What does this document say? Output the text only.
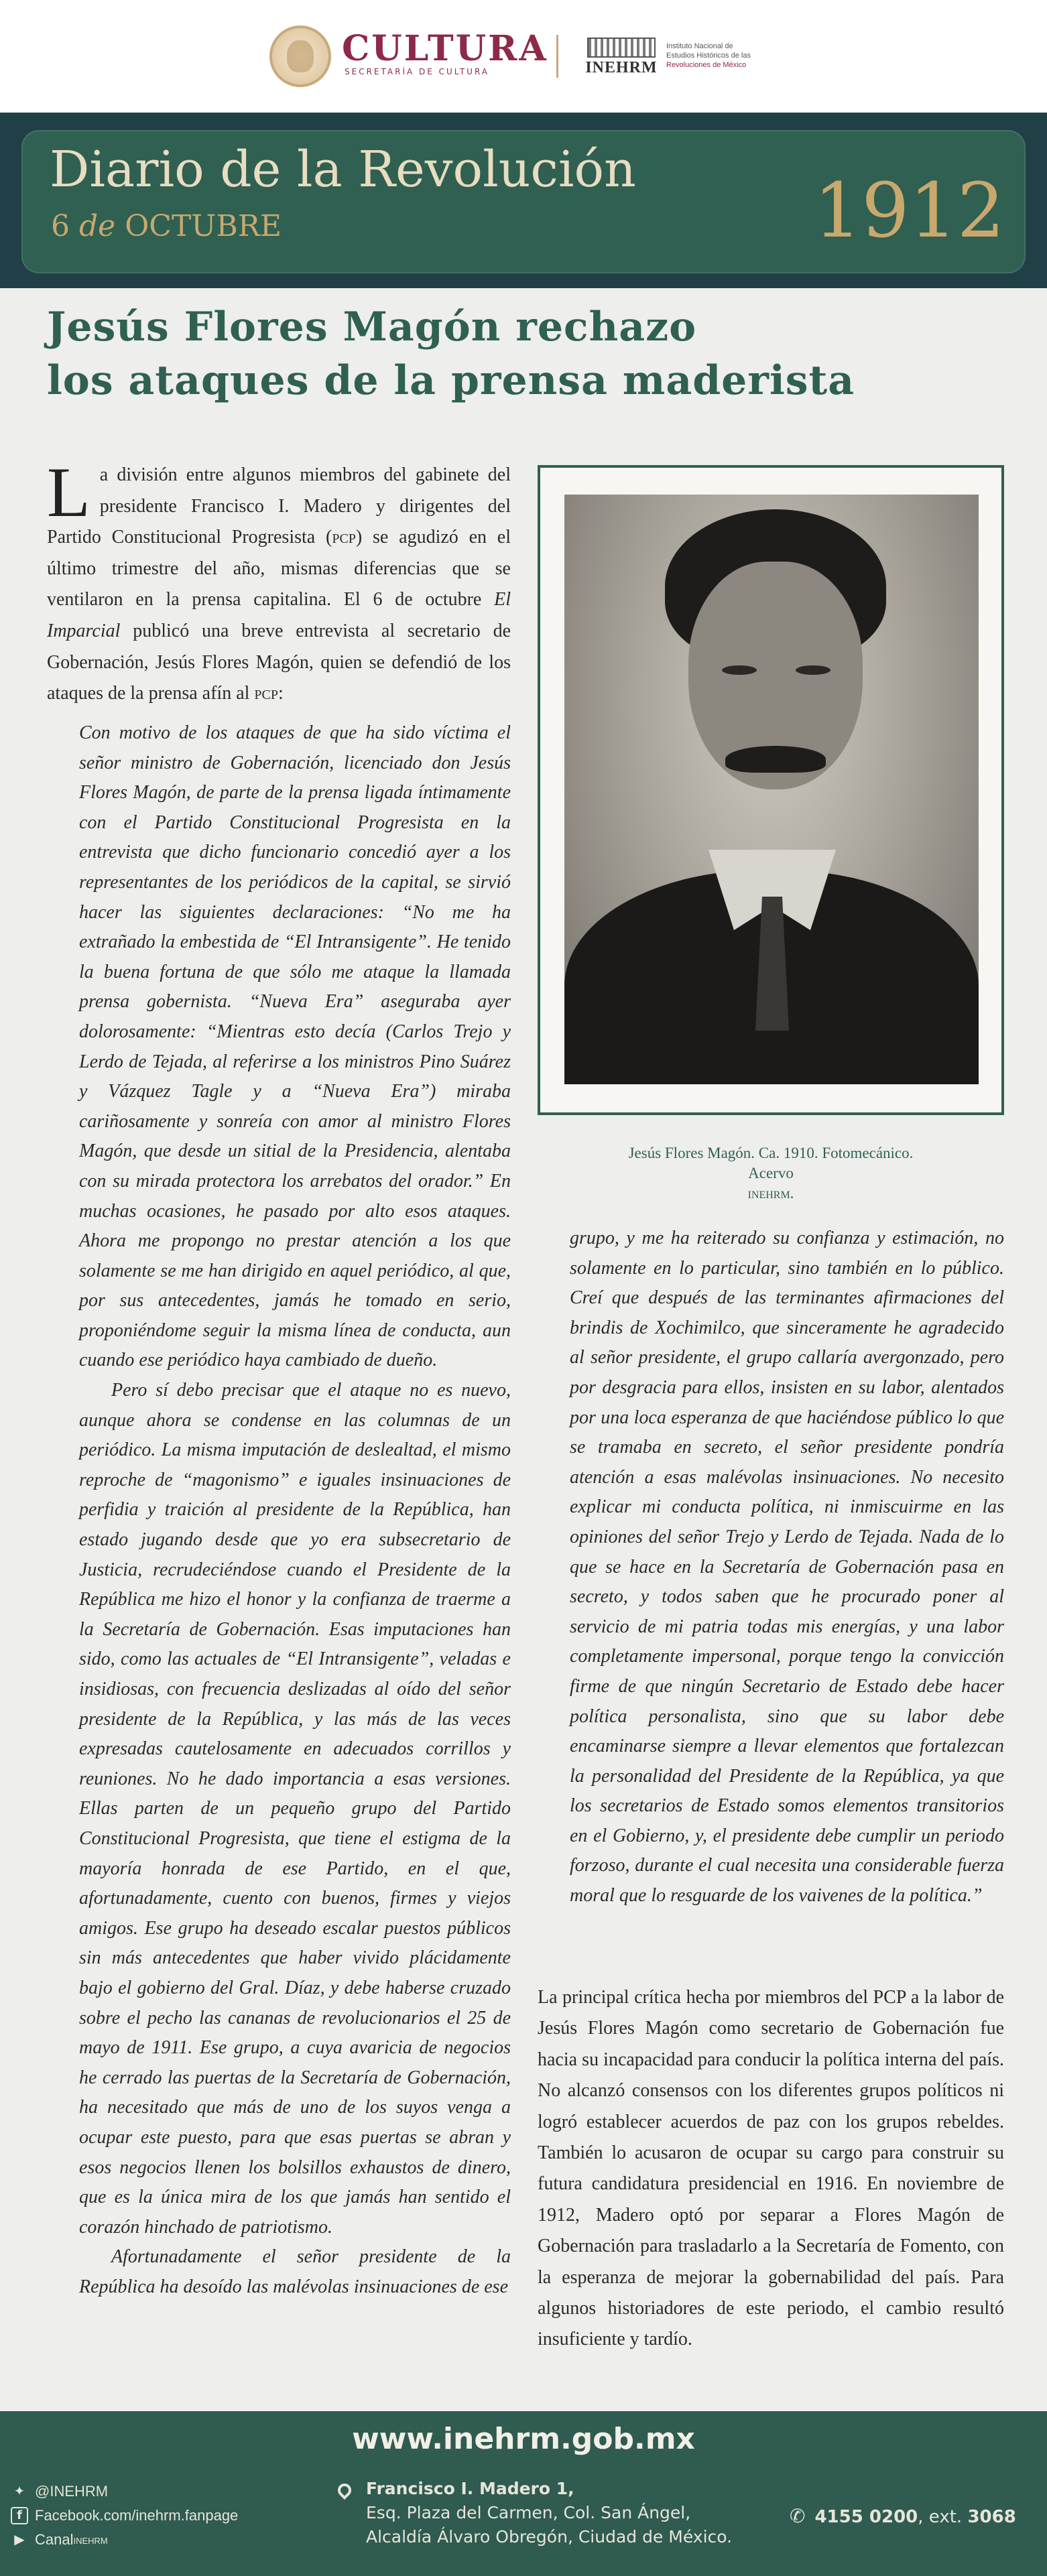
CULTURA
SECRETARÍA DE CULTURA	INEHRM
Instituto Nacional de
Estudios Históricos de las
Revoluciones de México
Diario de la Revolución
6 de OCTUBRE	1912
Jesús Flores Magón rechazo
los ataques de la prensa maderista
La división entre algunos miembros del gabinete del presidente Francisco I. Madero y dirigentes del Partido Constitucional Progresista (pcp) se agudizó en el último trimestre del año, mismas diferencias que se ventilaron en la prensa capitalina. El 6 de octubre El Imparcial publicó una breve entrevista al secretario de Gobernación, Jesús Flores Magón, quien se defendió de los ataques de la prensa afín al pcp:

Con motivo de los ataques de que ha sido víctima el señor ministro de Gobernación, licenciado don Jesús Flores Magón, de parte de la prensa ligada íntimamente con el Partido Constitucional Progresista en la entrevista que dicho funcionario concedió ayer a los representantes de los periódicos de la capital, se sirvió hacer las siguientes declaraciones: “No me ha extrañado la embestida de “El Intransigente”. He tenido la buena fortuna de que sólo me ataque la llamada prensa gobernista. “Nueva Era” aseguraba ayer dolorosamente: “Mientras esto decía (Carlos Trejo y Lerdo de Tejada, al referirse a los ministros Pino Suárez y Vázquez Tagle y a “Nueva Era”) miraba cariñosamente y sonreía con amor al ministro Flores Magón, que desde un sitial de la Presidencia, alentaba con su mirada protectora los arrebatos del orador.” En muchas ocasiones, he pasado por alto esos ataques. Ahora me propongo no prestar atención a los que solamente se me han dirigido en aquel periódico, al que, por sus antecedentes, jamás he tomado en serio, proponiéndome seguir la misma línea de conducta, aun cuando ese periódico haya cambiado de dueño.

Pero sí debo precisar que el ataque no es nuevo, aunque ahora se condense en las columnas de un periódico. La misma imputación de deslealtad, el mismo reproche de “magonismo” e iguales insinuaciones de perfidia y traición al presidente de la República, han estado jugando desde que yo era subsecretario de Justicia, recrudeciéndose cuando el Presidente de la República me hizo el honor y la confianza de traerme a la Secretaría de Gobernación. Esas imputaciones han sido, como las actuales de “El Intransigente”, veladas e insidiosas, con frecuencia deslizadas al oído del señor presidente de la República, y las más de las veces expresadas cautelosamente en adecuados corrillos y reuniones. No he dado importancia a esas versiones. Ellas parten de un pequeño grupo del Partido Constitucional Progresista, que tiene el estigma de la mayoría honrada de ese Partido, en el que, afortunadamente, cuento con buenos, firmes y viejos amigos. Ese grupo ha deseado escalar puestos públicos sin más antecedentes que haber vivido plácidamente bajo el gobierno del Gral. Díaz, y debe haberse cruzado sobre el pecho las cananas de revolucionarios el 25 de mayo de 1911. Ese grupo, a cuya avaricia de negocios he cerrado las puertas de la Secretaría de Gobernación, ha necesitado que más de uno de los suyos venga a ocupar este puesto, para que esas puertas se abran y esos negocios llenen los bolsillos exhaustos de dinero, que es la única mira de los que jamás han sentido el corazón hinchado de patriotismo.

Afortunadamente el señor presidente de la República ha desoído las malévolas insinuaciones de ese

Jesús Flores Magón. Ca. 1910. Fotomecánico.
Acervo
inehrm.

grupo, y me ha reiterado su confianza y estimación, no solamente en lo particular, sino también en lo público. Creí que después de las terminantes afirmaciones del brindis de Xochimilco, que sinceramente he agradecido al señor presidente, el grupo callaría avergonzado, pero por desgracia para ellos, insisten en su labor, alentados por una loca esperanza de que haciéndose público lo que se tramaba en secreto, el señor presidente pondría atención a esas malévolas insinuaciones. No necesito explicar mi conducta política, ni inmiscuirme en las opiniones del señor Trejo y Lerdo de Tejada. Nada de lo que se hace en la Secretaría de Gobernación pasa en secreto, y todos saben que he procurado poner al servicio de mi patria todas mis energías, y una labor completamente impersonal, porque tengo la convicción firme de que ningún Secretario de Estado debe hacer política personalista, sino que su labor debe encaminarse siempre a llevar elementos que fortalezcan la personalidad del Presidente de la República, ya que los secretarios de Estado somos elementos transitorios en el Gobierno, y, el presidente debe cumplir un periodo forzoso, durante el cual necesita una considerable fuerza moral que lo resguarde de los vaivenes de la política.”

La principal crítica hecha por miembros del PCP a la labor de Jesús Flores Magón como secretario de Gobernación fue hacia su incapacidad para conducir la política interna del país. No alcanzó consensos con los diferentes grupos políticos ni logró establecer acuerdos de paz con los grupos rebeldes. También lo acusaron de ocupar su cargo para construir su futura candidatura presidencial en 1916. En noviembre de 1912, Madero optó por separar a Flores Magón de Gobernación para trasladarlo a la Secretaría de Fomento, con la esperanza de mejorar la gobernabilidad del país. Para algunos historiadores de este periodo, el cambio resultó insuficiente y tardío.

www.inehrm.gob.mx
✦ @INEHRM
f Facebook.com/inehrm.fanpage
▶ Canal inehrm
Francisco I. Madero 1,
Esq. Plaza del Carmen, Col. San Ángel,
Alcaldía Álvaro Obregón, Ciudad de México.
✆ 4155 0200, ext. 3068
